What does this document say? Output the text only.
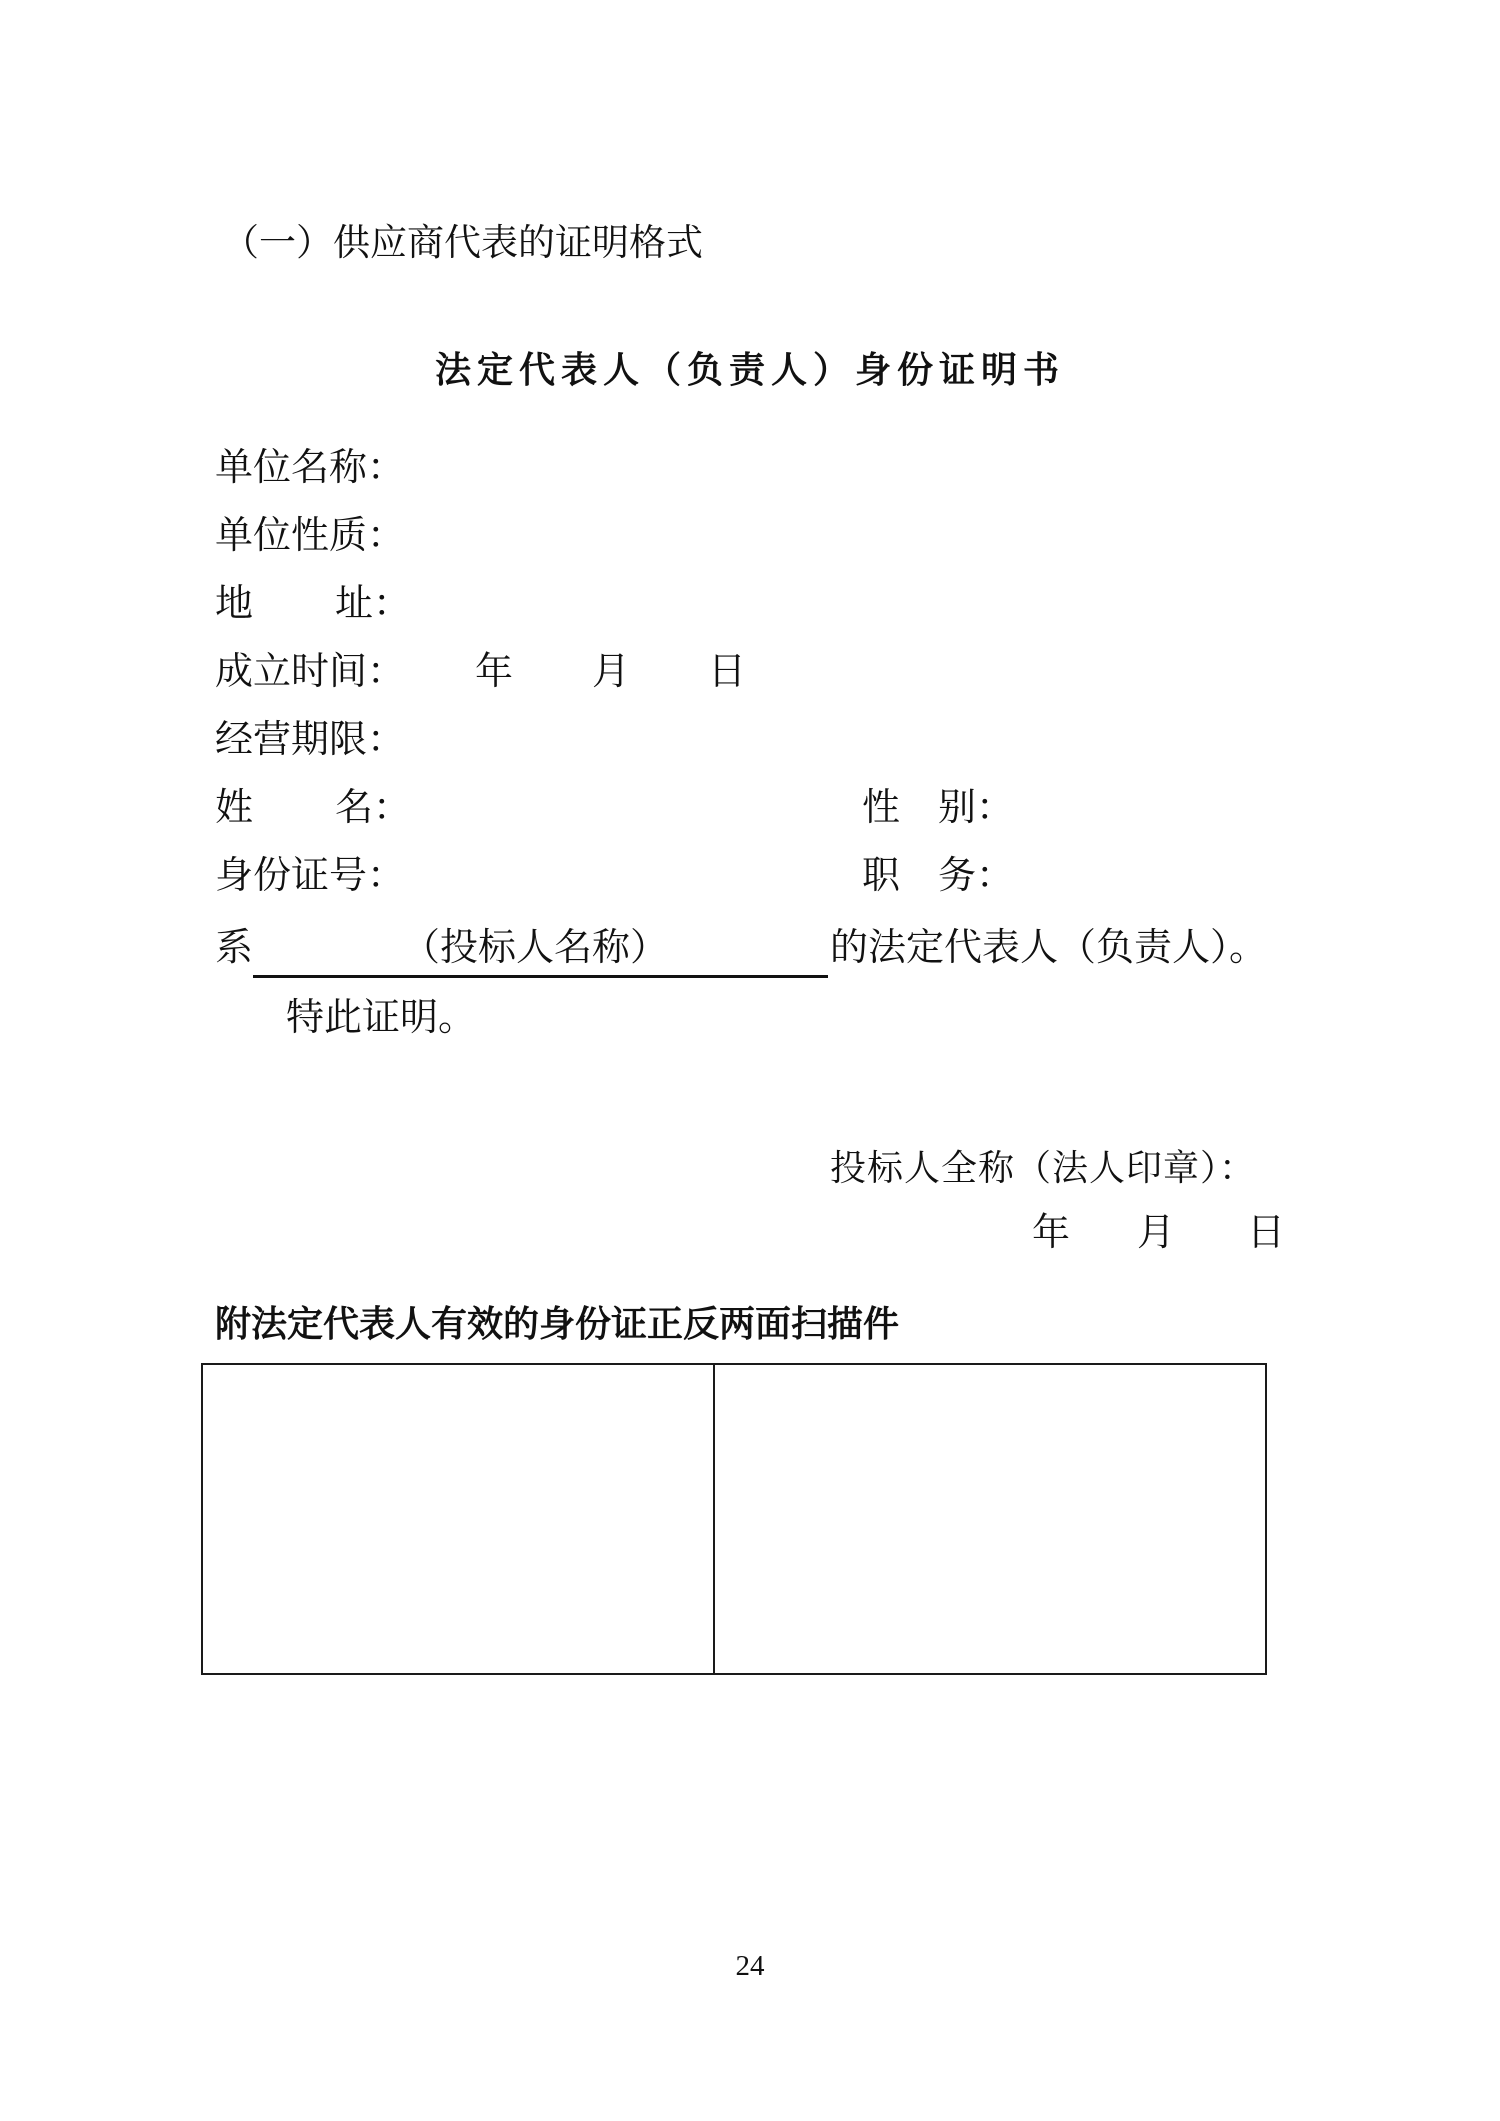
（一）供应商代表的证明格式
法定代表人（负责人）身份证明书
单位名称：
单位性质：
地 址：
成立时间： 年 月 日
经营期限：
姓 名：	性 别：
身份证号：	职 务：
系	（投标人名称）	的法定代表人（负责人）。
特此证明。
投标人全称（法人印章）：
年 月 日
附法定代表人有效的身份证正反两面扫描件
24
